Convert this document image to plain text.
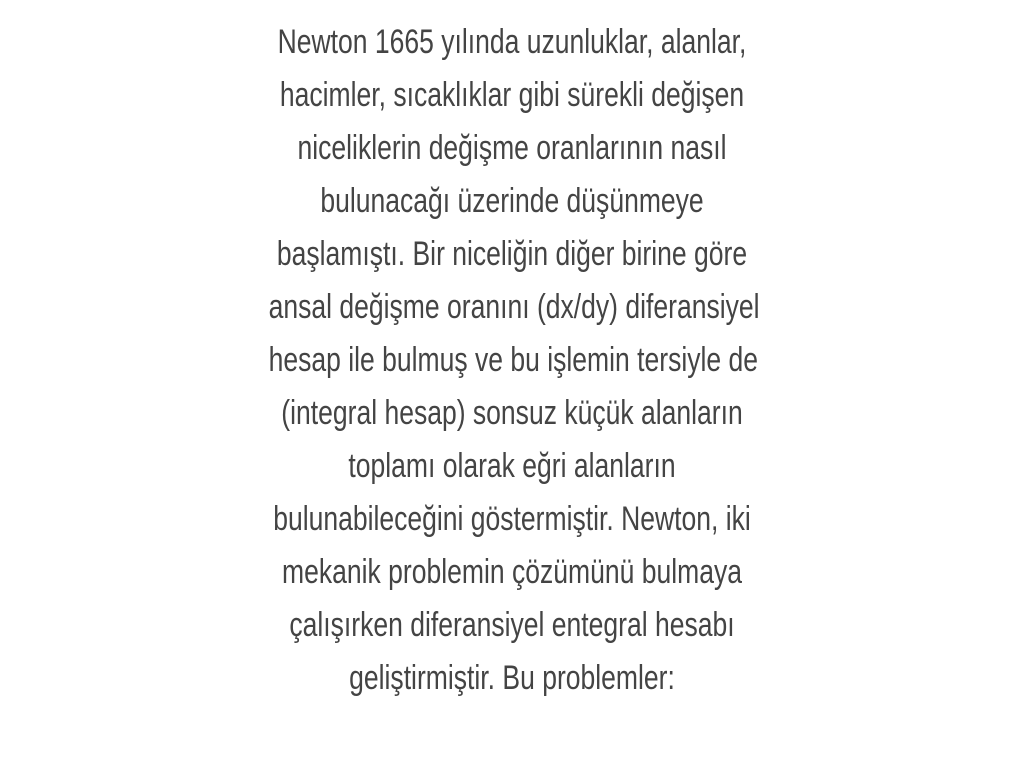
Newton 1665 yılında uzunluklar, alanlar,
hacimler, sıcaklıklar gibi sürekli değişen
niceliklerin değişme oranlarının nasıl
bulunacağı üzerinde düşünmeye
başlamıştı. Bir niceliğin diğer birine göre
ansal değişme oranını (dx/dy) diferansiyel
hesap ile bulmuş ve bu işlemin tersiyle de
(integral hesap) sonsuz küçük alanların
toplamı olarak eğri alanların
bulunabileceğini göstermiştir. Newton, iki
mekanik problemin çözümünü bulmaya
çalışırken diferansiyel entegral hesabı
geliştirmiştir. Bu problemler:
